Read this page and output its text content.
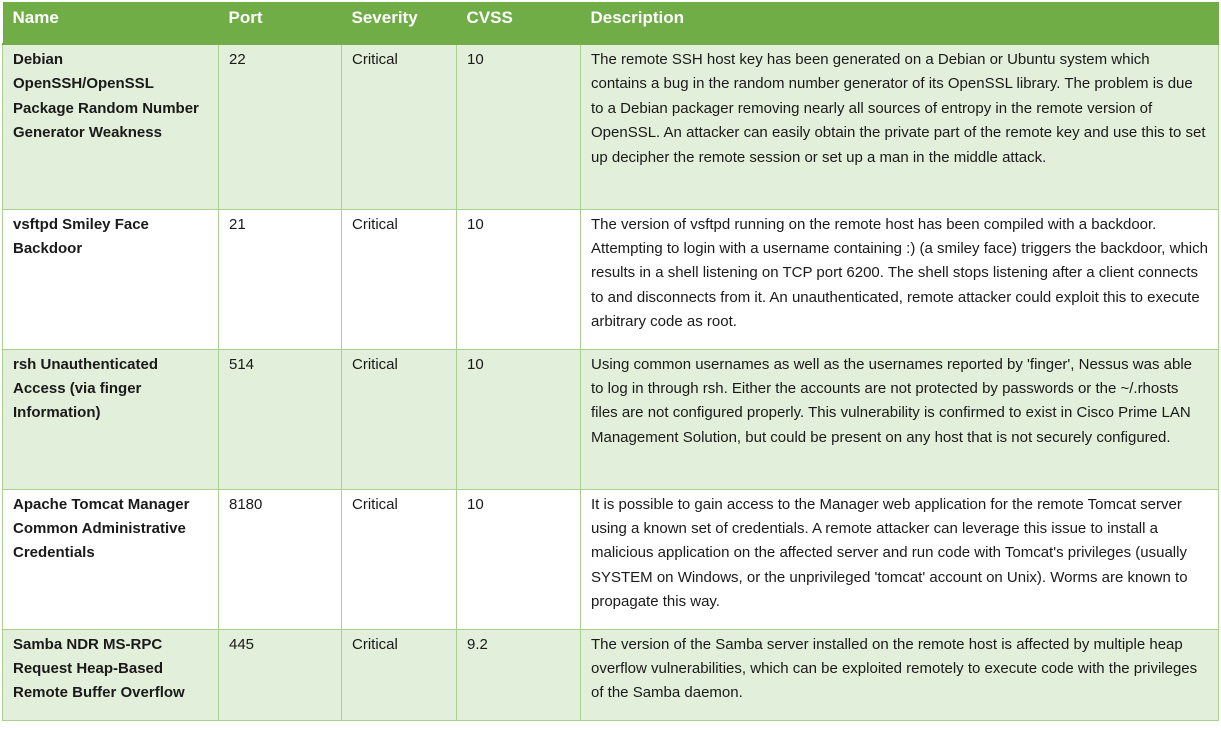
Name	Port	Severity	CVSS	Description
Debian OpenSSH/OpenSSL Package Random Number Generator Weakness	22	Critical	10	The remote SSH host key has been generated on a Debian or Ubuntu system which contains a bug in the random number generator of its OpenSSL library. The problem is due to a Debian packager removing nearly all sources of entropy in the remote version of OpenSSL. An attacker can easily obtain the private part of the remote key and use this to set up decipher the remote session or set up a man in the middle attack.
vsftpd Smiley Face Backdoor	21	Critical	10	The version of vsftpd running on the remote host has been compiled with a backdoor. Attempting to login with a username containing :) (a smiley face) triggers the backdoor, which results in a shell listening on TCP port 6200. The shell stops listening after a client connects to and disconnects from it. An unauthenticated, remote attacker could exploit this to execute arbitrary code as root.
rsh Unauthenticated Access (via finger Information)	514	Critical	10	Using common usernames as well as the usernames reported by 'finger', Nessus was able to log in through rsh. Either the accounts are not protected by passwords or the ~/.rhosts files are not configured properly. This vulnerability is confirmed to exist in Cisco Prime LAN Management Solution, but could be present on any host that is not securely configured.
Apache Tomcat Manager Common Administrative Credentials	8180	Critical	10	It is possible to gain access to the Manager web application for the remote Tomcat server using a known set of credentials. A remote attacker can leverage this issue to install a malicious application on the affected server and run code with Tomcat's privileges (usually SYSTEM on Windows, or the unprivileged 'tomcat' account on Unix). Worms are known to propagate this way.
Samba NDR MS-RPC Request Heap-Based Remote Buffer Overflow	445	Critical	9.2	The version of the Samba server installed on the remote host is affected by multiple heap overflow vulnerabilities, which can be exploited remotely to execute code with the privileges of the Samba daemon.
